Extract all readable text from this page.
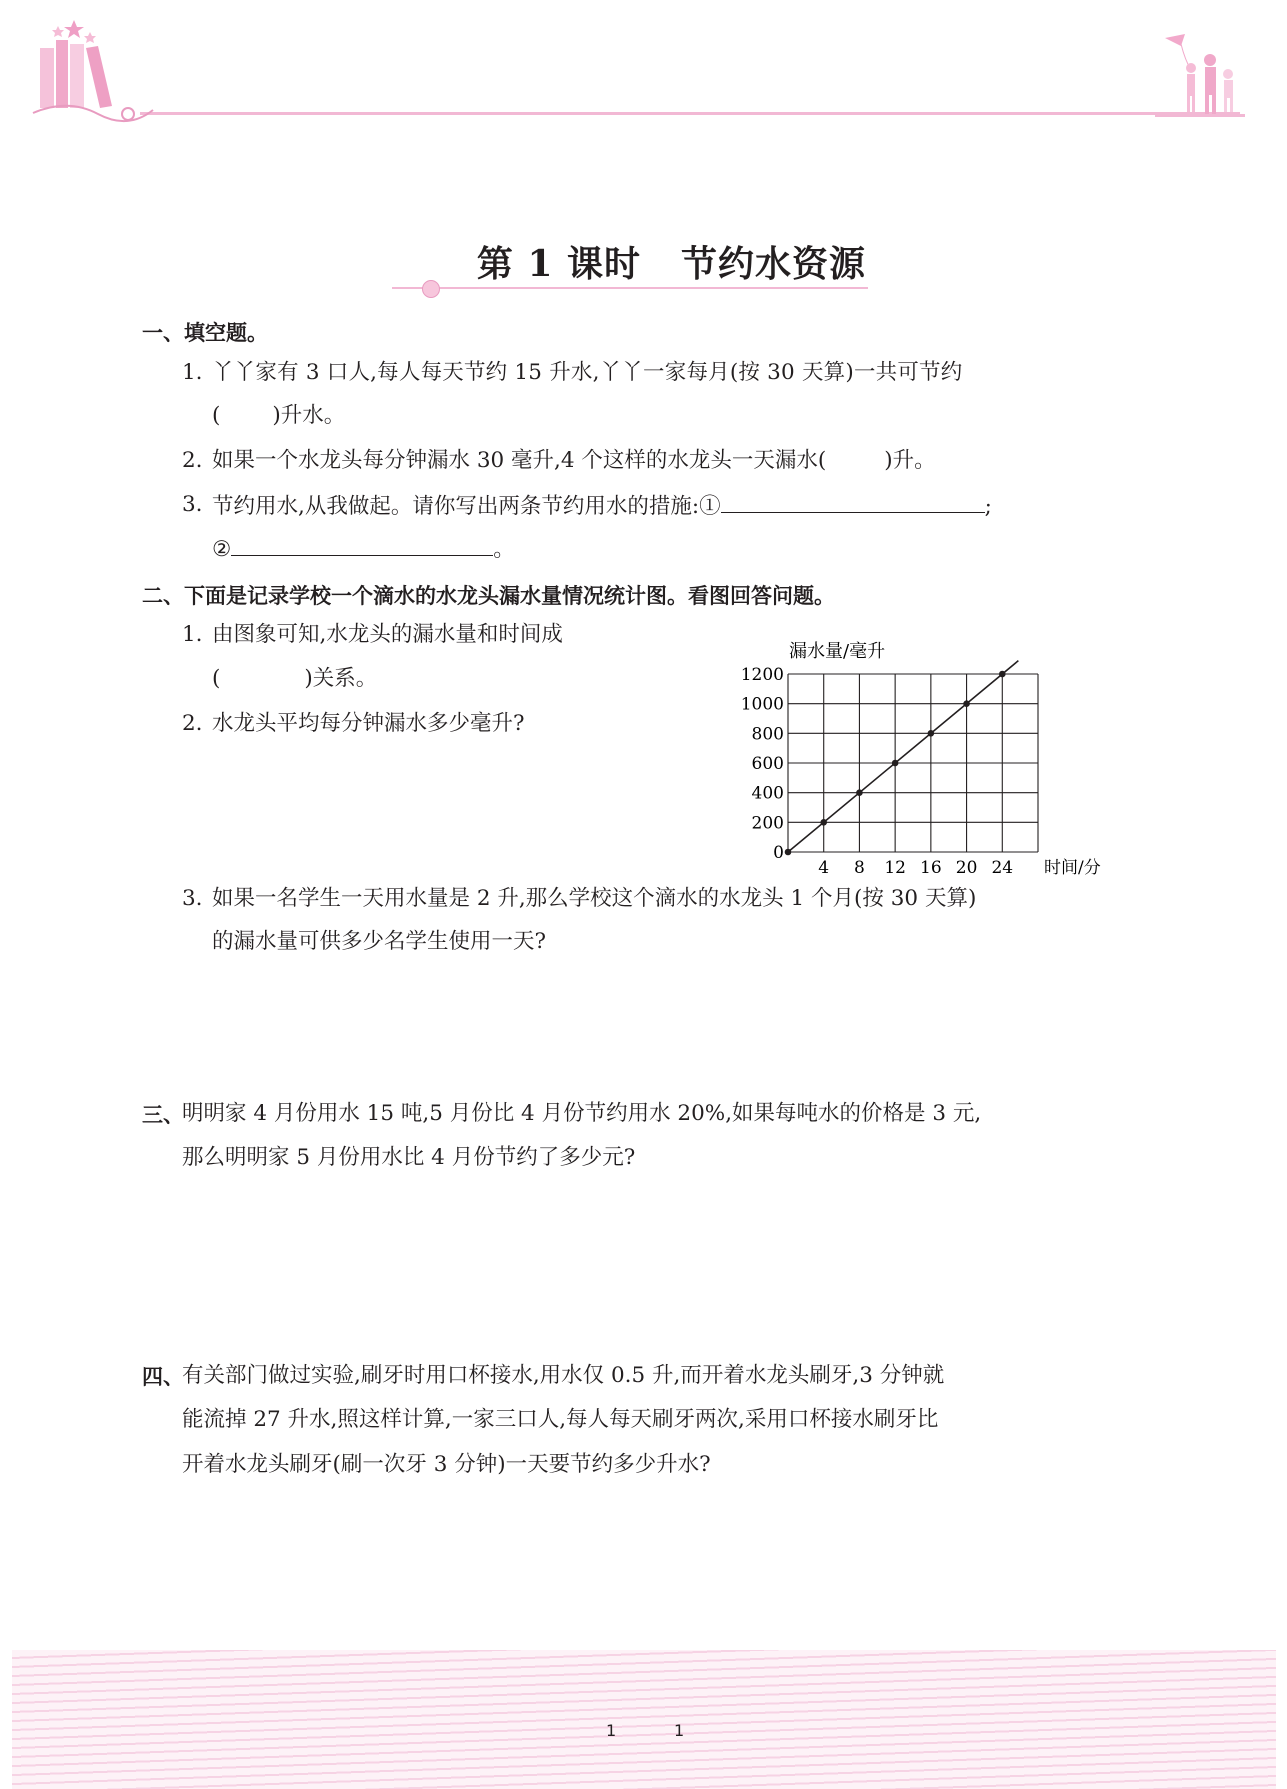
第 1 课时 节约水资源
一、填空题。
1. 丫丫家有 3 口人,每人每天节约 15 升水,丫丫一家每月(按 30 天算)一共可节约
( )升水。
2. 如果一个水龙头每分钟漏水 30 毫升,4 个这样的水龙头一天漏水(	)升。
3. 节约用水,从我做起。请你写出两条节约用水的措施:①	;
②	。
二、下面是记录学校一个滴水的水龙头漏水量情况统计图。看图回答问题。
1. 由图象可知,水龙头的漏水量和时间成
(	)关系。
2. 水龙头平均每分钟漏水多少毫升?
1200
1000
800
600
400
200
0
4 8 12 16 20 24
漏水量/毫升
时间/分
3. 如果一名学生一天用水量是 2 升,那么学校这个滴水的水龙头 1 个月(按 30 天算)
的漏水量可供多少名学生使用一天?
三、
明明家 4 月份用水 15 吨,5 月份比 4 月份节约用水 20%,如果每吨水的价格是 3 元,
那么明明家 5 月份用水比 4 月份节约了多少元?
四、
有关部门做过实验,刷牙时用口杯接水,用水仅 0.5 升,而开着水龙头刷牙,3 分钟就
能流掉 27 升水,照这样计算,一家三口人,每人每天刷牙两次,采用口杯接水刷牙比
开着水龙头刷牙(刷一次牙 3 分钟)一天要节约多少升水?
1	1
